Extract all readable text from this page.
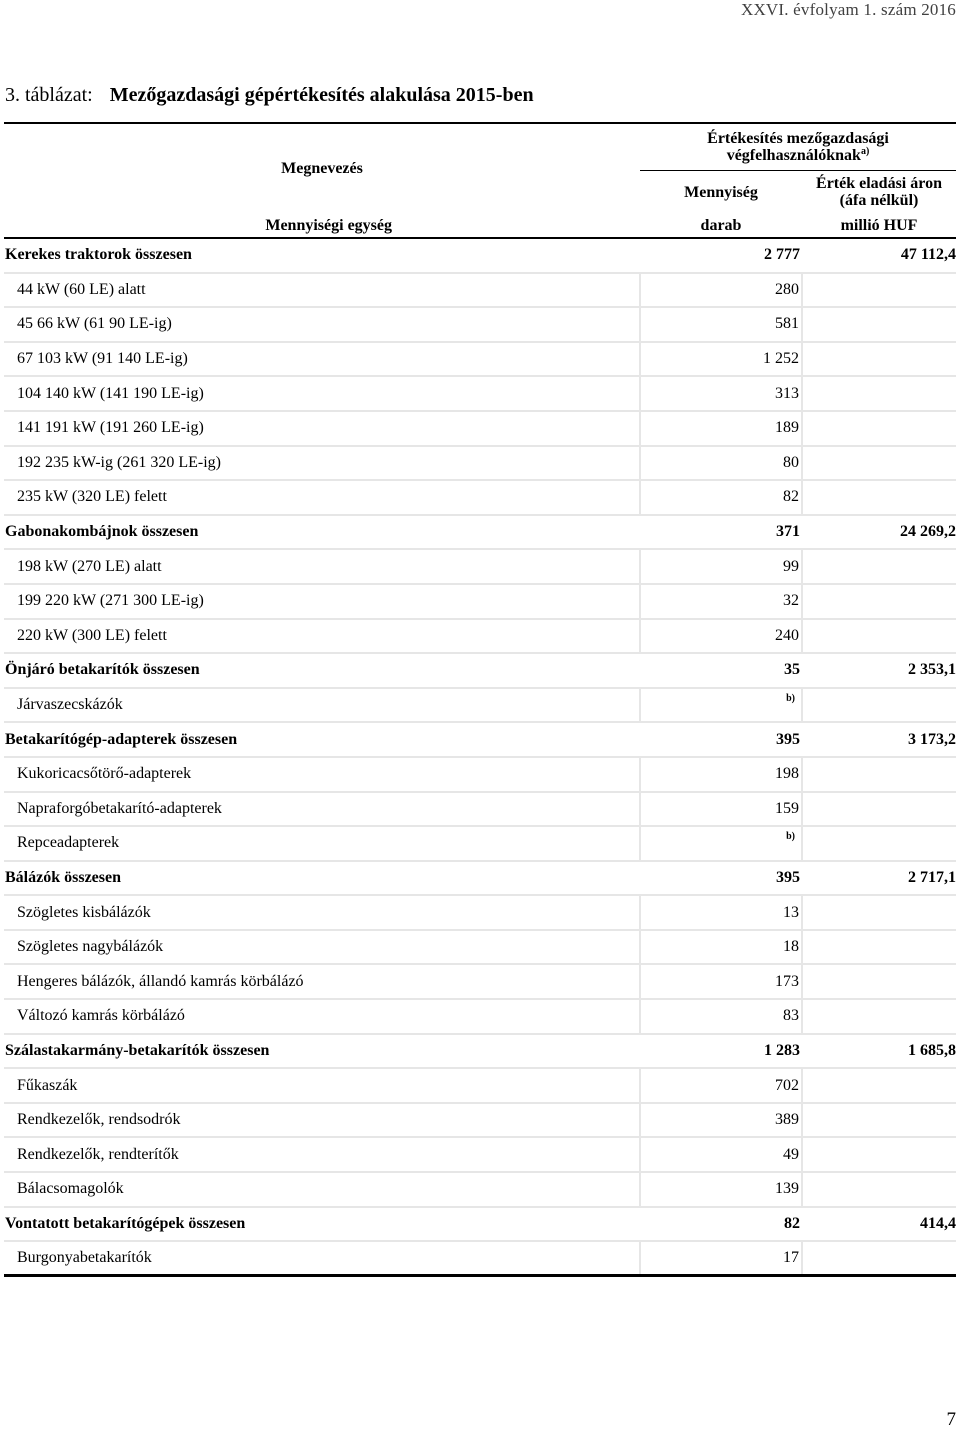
XXVI. évfolyam 1. szám 2016
3. táblázat: Mezőgazdasági gépértékesítés alakulása 2015-ben
Megnevezés	Értékesítés mezőgazdasági végfelhasználóknak$^{a)}$
	Mennyiség	Érték eladási áron (áfa nélkül)
Mennyiségi egység	darab	millió HUF
Kerekes traktorok összesen	2 777	47 112,4
44 kW (60 LE) alatt	280	
45 66 kW (61 90 LE-ig)	581	
67 103 kW (91 140 LE-ig)	1 252	
104 140 kW (141 190 LE-ig)	313	
141 191 kW (191 260 LE-ig)	189	
192 235 kW-ig (261 320 LE-ig)	80	
235 kW (320 LE) felett	82	
Gabonakombájnok összesen	371	24 269,2
198 kW (270 LE) alatt	99	
199 220 kW (271 300 LE-ig)	32	
220 kW (300 LE) felett	240	
Önjáró betakarítók összesen	35	2 353,1
Járvaszecskázók	$^{b)}$	
Betakarítógép-adapterek összesen	395	3 173,2
Kukoricacsőtörő-adapterek	198	
Napraforgóbetakarító-adapterek	159	
Repceadapterek	$^{b)}$	
Bálázók összesen	395	2 717,1
Szögletes kisbálázók	13	
Szögletes nagybálázók	18	
Hengeres bálázók, állandó kamrás körbálázó	173	
Változó kamrás körbálázó	83	
Szálastakarmány-betakarítók összesen	1 283	1 685,8
Fűkaszák	702	
Rendkezelők, rendsodrók	389	
Rendkezelők, rendterítők	49	
Bálacsomagolók	139	
Vontatott betakarítógépek összesen	82	414,4
Burgonyabetakarítók	17	
7
